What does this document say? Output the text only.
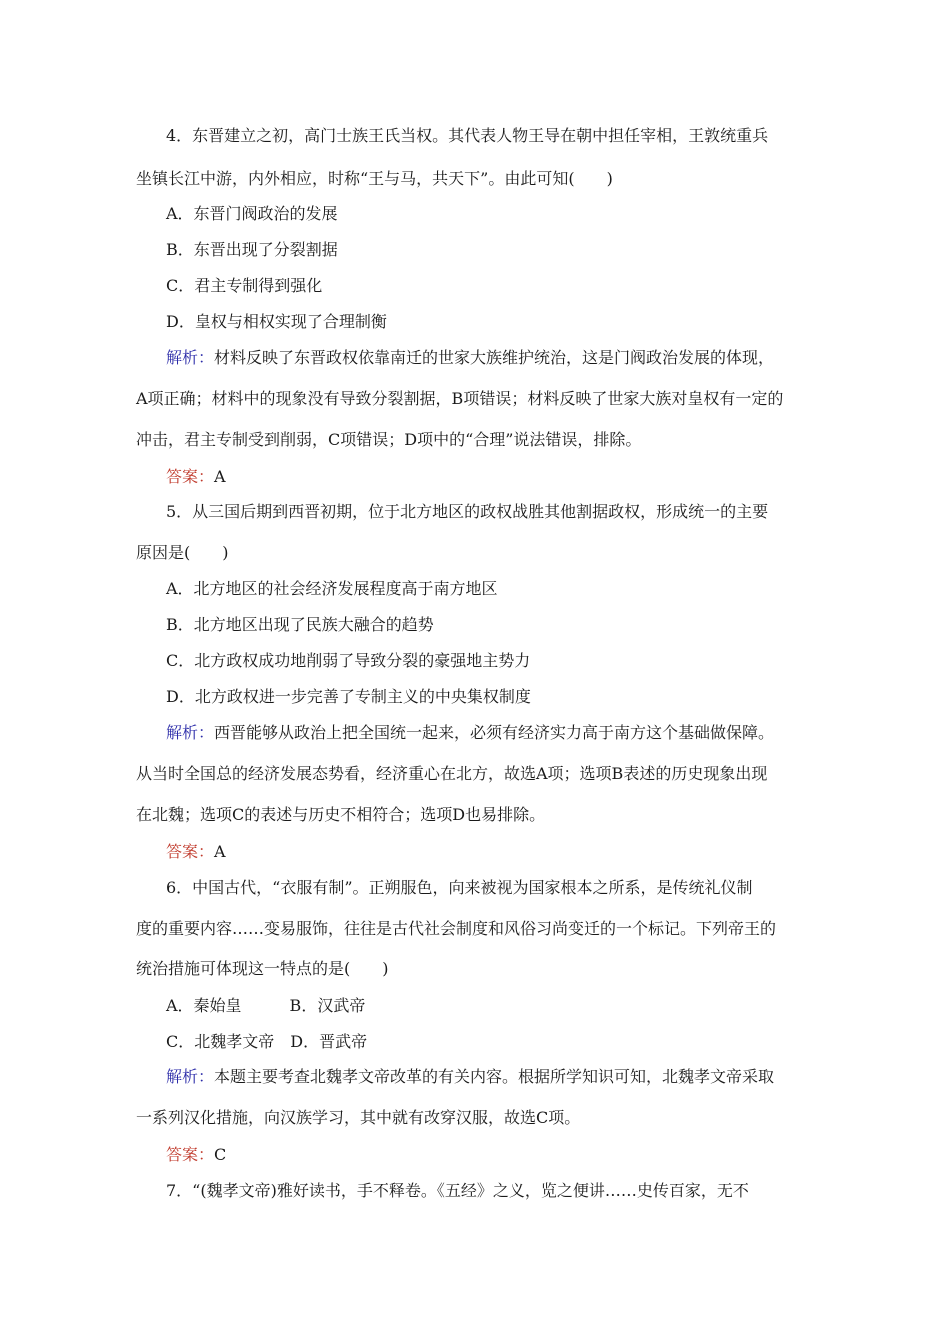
4．东晋建立之初，高门士族王氏当权。其代表人物王导在朝中担任宰相，王敦统重兵
坐镇长江中游，内外相应，时称“王与马，共天下”。由此可知(　　)
A．东晋门阀政治的发展
B．东晋出现了分裂割据
C．君主专制得到强化
D．皇权与相权实现了合理制衡
解析：材料反映了东晋政权依靠南迁的世家大族维护统治，这是门阀政治发展的体现，
A项正确；材料中的现象没有导致分裂割据，B项错误；材料反映了世家大族对皇权有一定的
冲击，君主专制受到削弱，C项错误；D项中的“合理”说法错误，排除。
答案：A
5．从三国后期到西晋初期，位于北方地区的政权战胜其他割据政权，形成统一的主要
原因是(　　)
A．北方地区的社会经济发展程度高于南方地区
B．北方地区出现了民族大融合的趋势
C．北方政权成功地削弱了导致分裂的豪强地主势力
D．北方政权进一步完善了专制主义的中央集权制度
解析：西晋能够从政治上把全国统一起来，必须有经济实力高于南方这个基础做保障。
从当时全国总的经济发展态势看，经济重心在北方，故选A项；选项B表述的历史现象出现
在北魏；选项C的表述与历史不相符合；选项D也易排除。
答案：A
6．中国古代，“衣服有制”。正朔服色，向来被视为国家根本之所系，是传统礼仪制
度的重要内容……变易服饰，往往是古代社会制度和风俗习尚变迁的一个标记。下列帝王的
统治措施可体现这一特点的是(　　)
A．秦始皇　　　B．汉武帝
C．北魏孝文帝　D．晋武帝
解析：本题主要考查北魏孝文帝改革的有关内容。根据所学知识可知，北魏孝文帝采取
一系列汉化措施，向汉族学习，其中就有改穿汉服，故选C项。
答案：C
7．“(魏孝文帝)雅好读书，手不释卷。《五经》之义，览之便讲……史传百家，无不
